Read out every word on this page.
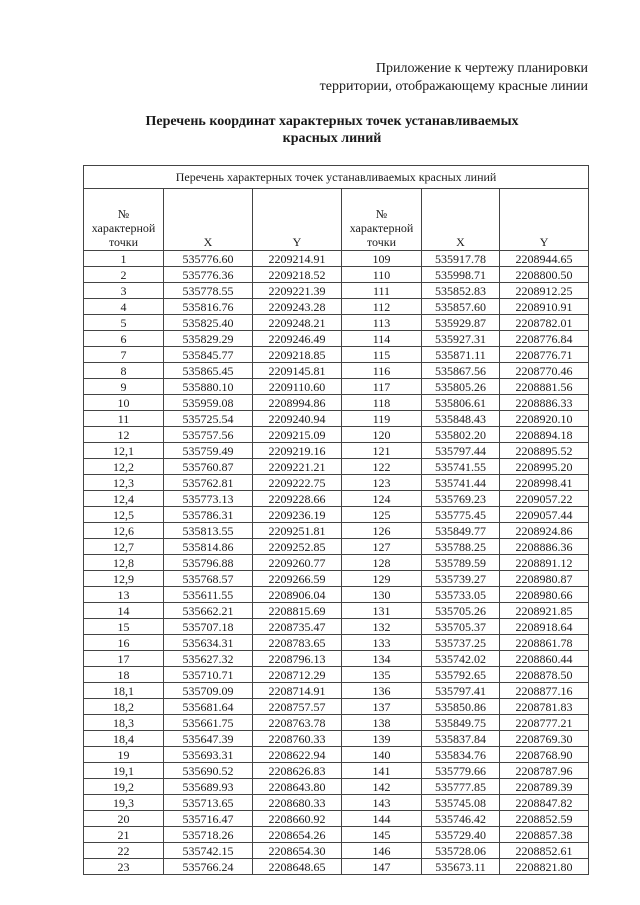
Приложение к чертежу планировки
территории, отображающему красные линии
Перечень координат характерных точек устанавливаемых
красных линий
Перечень характерных точек устанавливаемых красных линий					
№
характерной
точки	X	Y	№
характерной
точки	X	Y
1	535776.60	2209214.91	109	535917.78	2208944.65
2	535776.36	2209218.52	110	535998.71	2208800.50
3	535778.55	2209221.39	111	535852.83	2208912.25
4	535816.76	2209243.28	112	535857.60	2208910.91
5	535825.40	2209248.21	113	535929.87	2208782.01
6	535829.29	2209246.49	114	535927.31	2208776.84
7	535845.77	2209218.85	115	535871.11	2208776.71
8	535865.45	2209145.81	116	535867.56	2208770.46
9	535880.10	2209110.60	117	535805.26	2208881.56
10	535959.08	2208994.86	118	535806.61	2208886.33
11	535725.54	2209240.94	119	535848.43	2208920.10
12	535757.56	2209215.09	120	535802.20	2208894.18
12,1	535759.49	2209219.16	121	535797.44	2208895.52
12,2	535760.87	2209221.21	122	535741.55	2208995.20
12,3	535762.81	2209222.75	123	535741.44	2208998.41
12,4	535773.13	2209228.66	124	535769.23	2209057.22
12,5	535786.31	2209236.19	125	535775.45	2209057.44
12,6	535813.55	2209251.81	126	535849.77	2208924.86
12,7	535814.86	2209252.85	127	535788.25	2208886.36
12,8	535796.88	2209260.77	128	535789.59	2208891.12
12,9	535768.57	2209266.59	129	535739.27	2208980.87
13	535611.55	2208906.04	130	535733.05	2208980.66
14	535662.21	2208815.69	131	535705.26	2208921.85
15	535707.18	2208735.47	132	535705.37	2208918.64
16	535634.31	2208783.65	133	535737.25	2208861.78
17	535627.32	2208796.13	134	535742.02	2208860.44
18	535710.71	2208712.29	135	535792.65	2208878.50
18,1	535709.09	2208714.91	136	535797.41	2208877.16
18,2	535681.64	2208757.57	137	535850.86	2208781.83
18,3	535661.75	2208763.78	138	535849.75	2208777.21
18,4	535647.39	2208760.33	139	535837.84	2208769.30
19	535693.31	2208622.94	140	535834.76	2208768.90
19,1	535690.52	2208626.83	141	535779.66	2208787.96
19,2	535689.93	2208643.80	142	535777.85	2208789.39
19,3	535713.65	2208680.33	143	535745.08	2208847.82
20	535716.47	2208660.92	144	535746.42	2208852.59
21	535718.26	2208654.26	145	535729.40	2208857.38
22	535742.15	2208654.30	146	535728.06	2208852.61
23	535766.24	2208648.65	147	535673.11	2208821.80
